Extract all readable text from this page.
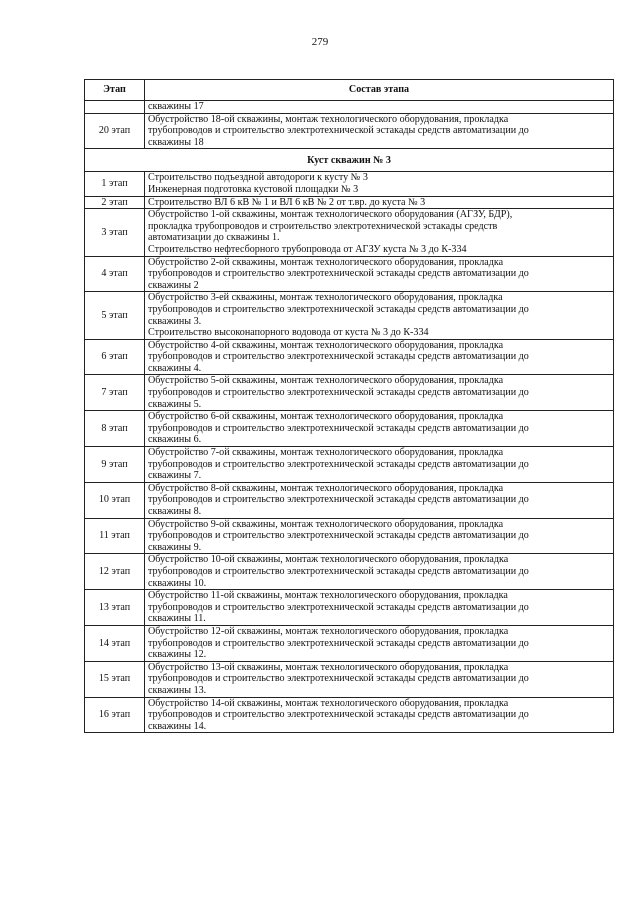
279
Этап	Состав этапа

	скважины 17

20 этап	Обустройство 18-ой скважины, монтаж технологического оборудования, прокладка
трубопроводов и строительство электротехнической эстакады средств автоматизации до
скважины 18

Куст скважин № 3	
1 этап	Строительство подъездной автодороги к кусту № 3
Инженерная подготовка кустовой площадки № 3

2 этап	Строительство ВЛ 6 кВ № 1 и ВЛ 6 кВ № 2 от т.вр. до куста № 3

3 этап	Обустройство 1-ой скважины, монтаж технологического оборудования (АГЗУ, БДР),
прокладка трубопроводов и строительство электротехнической эстакады средств
автоматизации до скважины 1.
Строительство нефтесборного трубопровода от АГЗУ куста № 3 до К-334

4 этап	Обустройство 2-ой скважины, монтаж технологического оборудования, прокладка
трубопроводов и строительство электротехнической эстакады средств автоматизации до
скважины 2

5 этап	Обустройство 3-ей скважины, монтаж технологического оборудования, прокладка
трубопроводов и строительство электротехнической эстакады средств автоматизации до
скважины 3.
Строительство высоконапорного водовода от куста № 3 до К-334

6 этап	Обустройство 4-ой скважины, монтаж технологического оборудования, прокладка
трубопроводов и строительство электротехнической эстакады средств автоматизации до
скважины 4.

7 этап	Обустройство 5-ой скважины, монтаж технологического оборудования, прокладка
трубопроводов и строительство электротехнической эстакады средств автоматизации до
скважины 5.

8 этап	Обустройство 6-ой скважины, монтаж технологического оборудования, прокладка
трубопроводов и строительство электротехнической эстакады средств автоматизации до
скважины 6.

9 этап	Обустройство 7-ой скважины, монтаж технологического оборудования, прокладка
трубопроводов и строительство электротехнической эстакады средств автоматизации до
скважины 7.

10 этап	Обустройство 8-ой скважины, монтаж технологического оборудования, прокладка
трубопроводов и строительство электротехнической эстакады средств автоматизации до
скважины 8.

11 этап	Обустройство 9-ой скважины, монтаж технологического оборудования, прокладка
трубопроводов и строительство электротехнической эстакады средств автоматизации до
скважины 9.

12 этап	Обустройство 10-ой скважины, монтаж технологического оборудования, прокладка
трубопроводов и строительство электротехнической эстакады средств автоматизации до
скважины 10.

13 этап	Обустройство 11-ой скважины, монтаж технологического оборудования, прокладка
трубопроводов и строительство электротехнической эстакады средств автоматизации до
скважины 11.

14 этап	Обустройство 12-ой скважины, монтаж технологического оборудования, прокладка
трубопроводов и строительство электротехнической эстакады средств автоматизации до
скважины 12.

15 этап	Обустройство 13-ой скважины, монтаж технологического оборудования, прокладка
трубопроводов и строительство электротехнической эстакады средств автоматизации до
скважины 13.

16 этап	Обустройство 14-ой скважины, монтаж технологического оборудования, прокладка
трубопроводов и строительство электротехнической эстакады средств автоматизации до
скважины 14.
